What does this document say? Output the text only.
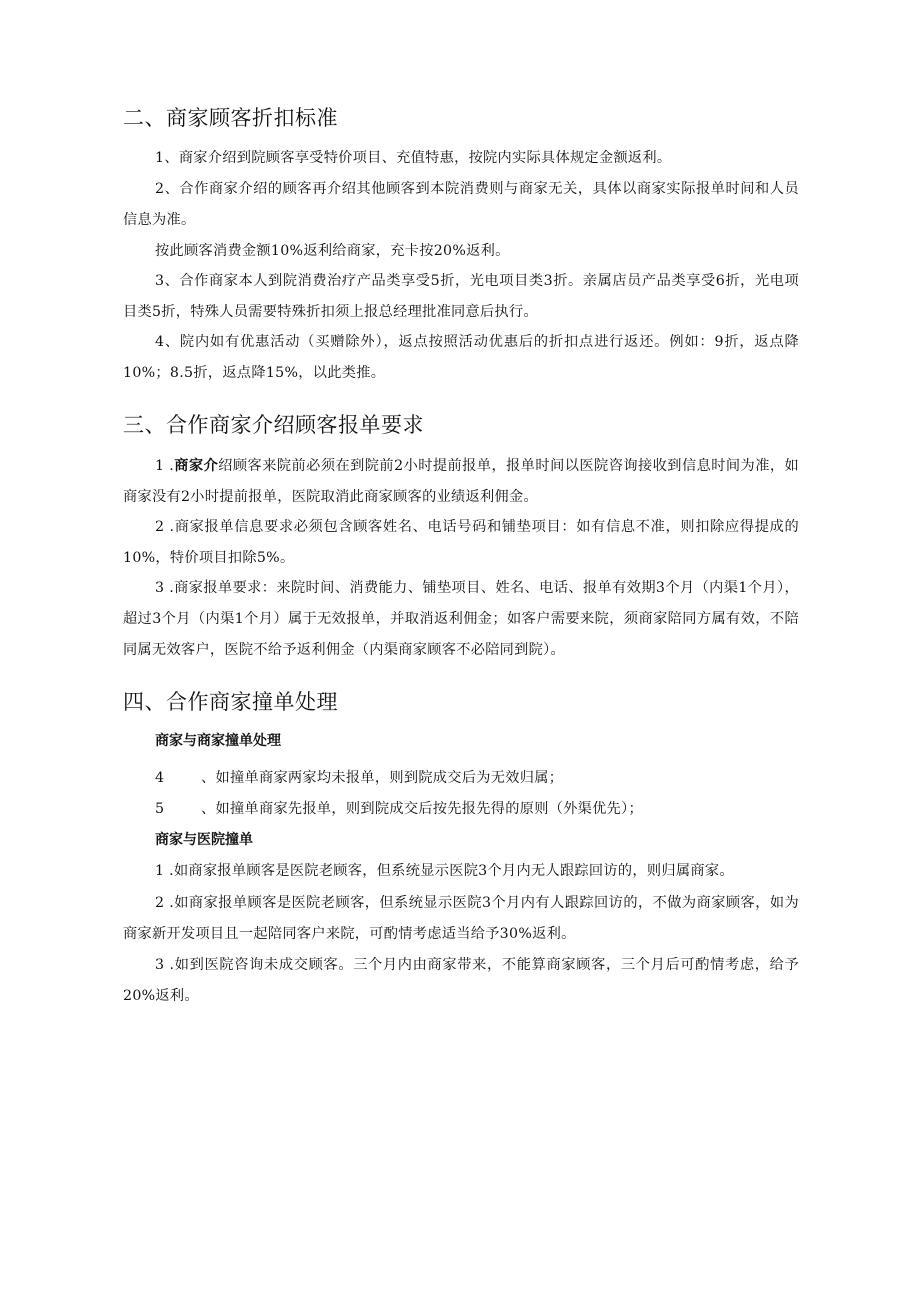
二、商家顾客折扣标准
1、商家介绍到院顾客享受特价项目、充值特惠，按院内实际具体规定金额返利。
2、合作商家介绍的顾客再介绍其他顾客到本院消费则与商家无关，具体以商家实际报单时间和人员信息为准。
按此顾客消费金额10%返利给商家，充卡按20%返利。
3、合作商家本人到院消费治疗产品类享受5折，光电项目类3折。亲属店员产品类享受6折，光电项目类5折，特殊人员需要特殊折扣须上报总经理批准同意后执行。
4、院内如有优惠活动（买赠除外），返点按照活动优惠后的折扣点进行返还。例如：9折，返点降10%；8.5折，返点降15%，以此类推。
三、合作商家介绍顾客报单要求
1 .商家介绍顾客来院前必须在到院前2小时提前报单，报单时间以医院咨询接收到信息时间为准，如商家没有2小时提前报单，医院取消此商家顾客的业绩返利佣金。
2 .商家报单信息要求必须包含顾客姓名、电话号码和铺垫项目：如有信息不准，则扣除应得提成的10%，特价项目扣除5%。
3 .商家报单要求：来院时间、消费能力、铺垫项目、姓名、电话、报单有效期3个月（内渠1个月），超过3个月（内渠1个月）属于无效报单，并取消返利佣金；如客户需要来院，须商家陪同方属有效，不陪同属无效客户，医院不给予返利佣金（内渠商家顾客不必陪同到院）。
四、合作商家撞单处理
商家与商家撞单处理
4	、如撞单商家两家均未报单，则到院成交后为无效归属；
5	、如撞单商家先报单，则到院成交后按先报先得的原则（外渠优先）；
商家与医院撞单
1 .如商家报单顾客是医院老顾客，但系统显示医院3个月内无人跟踪回访的，则归属商家。
2 .如商家报单顾客是医院老顾客，但系统显示医院3个月内有人跟踪回访的，不做为商家顾客，如为商家新开发项目且一起陪同客户来院，可酌情考虑适当给予30%返利。
3 .如到医院咨询未成交顾客。三个月内由商家带来，不能算商家顾客，三个月后可酌情考虑，给予20%返利。
